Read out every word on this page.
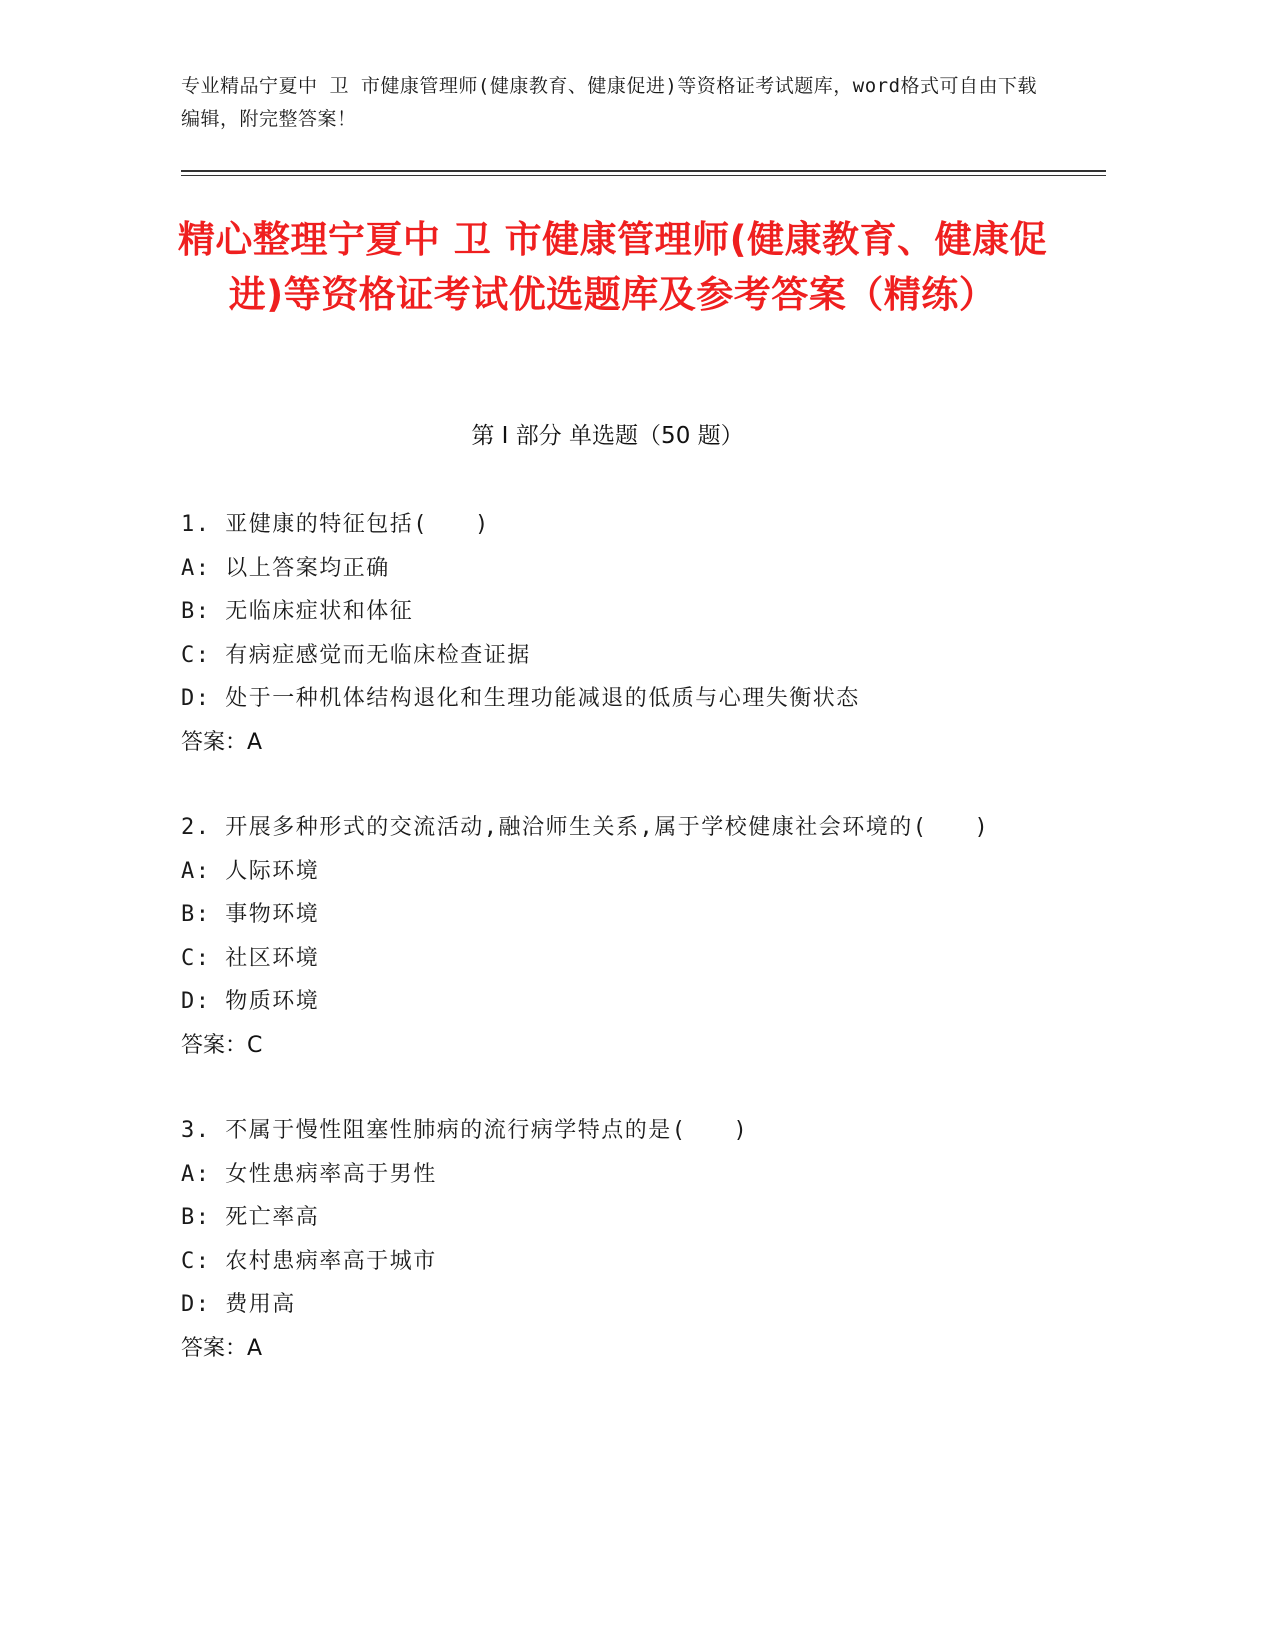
专业精品宁夏中 卫 市健康管理师(健康教育、健康促进)等资格证考试题库，word格式可自由下载编辑，附完整答案！
精心整理宁夏中 卫 市健康管理师(健康教育、健康促进)等资格证考试优选题库及参考答案（精练）
第 I 部分 单选题（50 题）

1. 亚健康的特征包括(　　)

A: 以上答案均正确

B: 无临床症状和体征

C: 有病症感觉而无临床检查证据

D: 处于一种机体结构退化和生理功能减退的低质与心理失衡状态

答案：A

2. 开展多种形式的交流活动,融洽师生关系,属于学校健康社会环境的(　　)

A: 人际环境

B: 事物环境

C: 社区环境

D: 物质环境

答案：C

3. 不属于慢性阻塞性肺病的流行病学特点的是(　　)

A: 女性患病率高于男性

B: 死亡率高

C: 农村患病率高于城市

D: 费用高

答案：A
